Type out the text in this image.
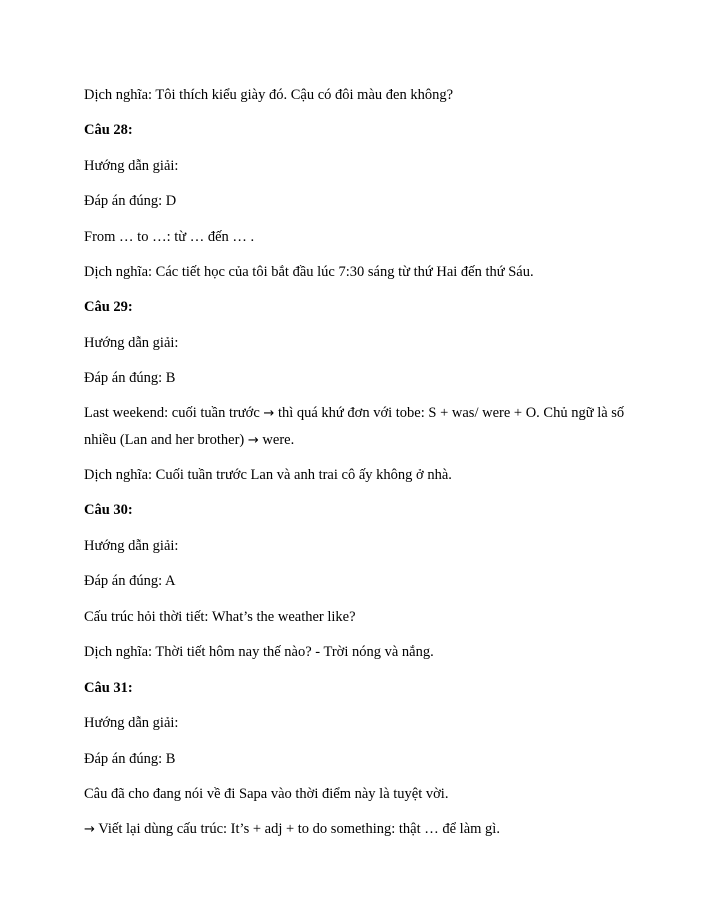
Dịch nghĩa: Tôi thích kiểu giày đó. Cậu có đôi màu đen không?
Câu 28:
Hướng dẫn giải:
Đáp án đúng: D
From … to …: từ … đến … .
Dịch nghĩa: Các tiết học của tôi bắt đầu lúc 7:30 sáng từ thứ Hai đến thứ Sáu.
Câu 29:
Hướng dẫn giải:
Đáp án đúng: B
Last weekend: cuối tuần trước → thì quá khứ đơn với tobe: S + was/ were + O. Chủ ngữ là số nhiều (Lan and her brother) → were.
Dịch nghĩa: Cuối tuần trước Lan và anh trai cô ấy không ở nhà.
Câu 30:
Hướng dẫn giải:
Đáp án đúng: A
Cấu trúc hỏi thời tiết: What’s the weather like?
Dịch nghĩa: Thời tiết hôm nay thế nào? - Trời nóng và nắng.
Câu 31:
Hướng dẫn giải:
Đáp án đúng: B
Câu đã cho đang nói về đi Sapa vào thời điểm này là tuyệt vời.
→ Viết lại dùng cấu trúc: It’s + adj + to do something: thật … để làm gì.
